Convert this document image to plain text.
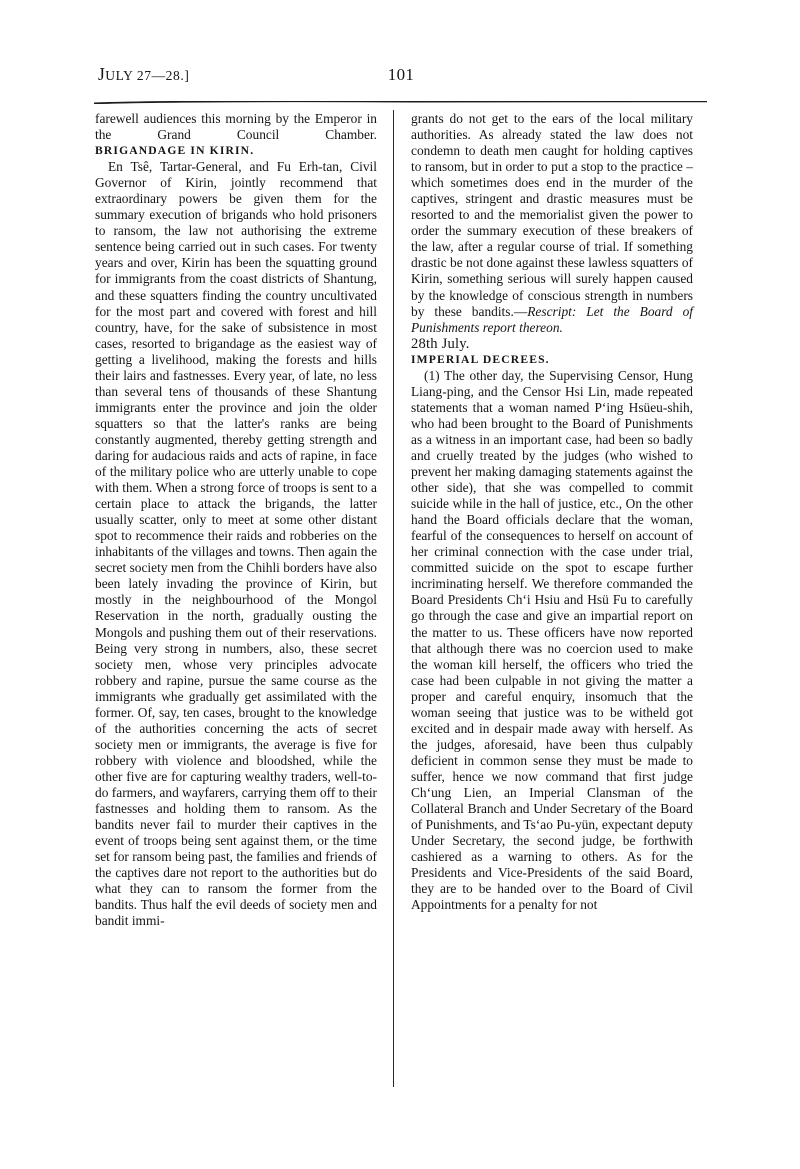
JULY 27—28.]	101

farewell audiences this morning by the Emperor in the Grand Council Chamber.

BRIGANDAGE IN KIRIN.

En Tsê, Tartar-General, and Fu Erh-tan, Civil Governor of Kirin, jointly recommend that extraordinary powers be given them for the summary execution of brigands who hold prisoners to ransom, the law not authorising the extreme sentence being carried out in such cases. For twenty years and over, Kirin has been the squatting ground for immigrants from the coast districts of Shantung, and these squatters finding the country uncultivated for the most part and covered with forest and hill country, have, for the sake of subsistence in most cases, resorted to brigandage as the easiest way of getting a livelihood, making the forests and hills their lairs and fastnesses. Every year, of late, no less than several tens of thousands of these Shantung immigrants enter the province and join the older squatters so that the latter's ranks are being constantly augmented, thereby getting strength and daring for audacious raids and acts of rapine, in face of the military police who are utterly unable to cope with them. When a strong force of troops is sent to a certain place to attack the brigands, the latter usually scatter, only to meet at some other distant spot to recommence their raids and robberies on the inhabitants of the villages and towns. Then again the secret society men from the Chihli borders have also been lately invading the province of Kirin, but mostly in the neighbourhood of the Mongol Reservation in the north, gradually ousting the Mongols and pushing them out of their reservations. Being very strong in numbers, also, these secret society men, whose very principles advocate robbery and rapine, pursue the same course as the immigrants whe gradually get assimilated with the former. Of, say, ten cases, brought to the knowledge of the authorities concerning the acts of secret society men or immigrants, the average is five for robbery with violence and bloodshed, while the other five are for capturing wealthy traders, well-to-do farmers, and wayfarers, carrying them off to their fastnesses and holding them to ransom. As the bandits never fail to murder their captives in the event of troops being sent against them, or the time set for ransom being past, the families and friends of the captives dare not report to the authorities but do what they can to ransom the former from the bandits. Thus half the evil deeds of society men and bandit immi-

grants do not get to the ears of the local military authorities. As already stated the law does not condemn to death men caught for holding captives to ransom, but in order to put a stop to the practice –which sometimes does end in the murder of the captives, stringent and drastic measures must be resorted to and the memorialist given the power to order the summary execution of these breakers of the law, after a regular course of trial. If something drastic be not done against these lawless squatters of Kirin, something serious will surely happen caused by the knowledge of conscious strength in numbers by these bandits.—Rescript: Let the Board of Punishments report thereon.

28th July.

IMPERIAL DECREES.

(1) The other day, the Supervising Censor, Hung Liang-ping, and the Censor Hsi Lin, made repeated statements that a woman named P‘ing Hsüeu-shih, who had been brought to the Board of Punishments as a witness in an important case, had been so badly and cruelly treated by the judges (who wished to prevent her making damaging statements against the other side), that she was compelled to commit suicide while in the hall of justice, etc., On the other hand the Board officials declare that the woman, fearful of the consequences to herself on account of her criminal connection with the case under trial, committed suicide on the spot to escape further incriminating herself. We therefore commanded the Board Presidents Ch‘i Hsiu and Hsü Fu to carefully go through the case and give an impartial report on the matter to us. These officers have now reported that although there was no coercion used to make the woman kill herself, the officers who tried the case had been culpable in not giving the matter a proper and careful enquiry, insomuch that the woman seeing that justice was to be witheld got excited and in despair made away with herself. As the judges, aforesaid, have been thus culpably deficient in common sense they must be made to suffer, hence we now command that first judge Ch‘ung Lien, an Imperial Clansman of the Collateral Branch and Under Secretary of the Board of Punishments, and Ts‘ao Pu-yün, expectant deputy Under Secretary, the second judge, be forthwith cashiered as a warning to others. As for the Presidents and Vice-Presidents of the said Board, they are to be handed over to the Board of Civil Appointments for a penalty for not
